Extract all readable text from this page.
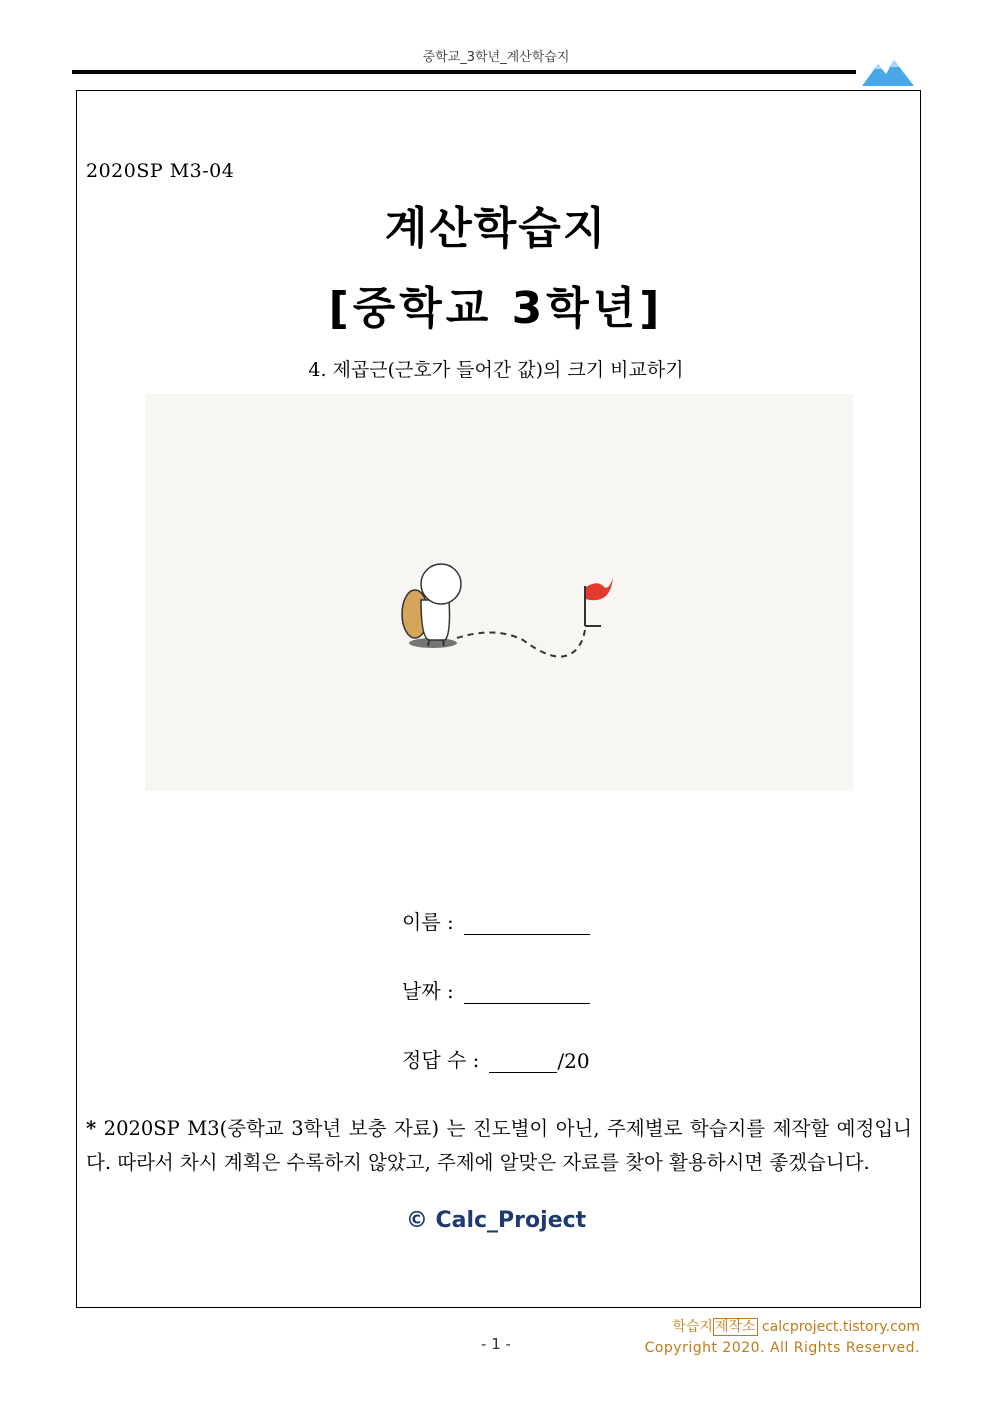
중학교_3학년_계산학습지
2020SP M3-04
계산학습지
[중학교 3학년]
4. 제곱근(근호가 들어간 값)의 크기 비교하기
이름 :
날짜 :
정답 수 :	/20
* 2020SP M3(중학교 3학년 보충 자료) 는 진도별이 아닌, 주제별로 학습지를 제작할 예정입니다. 따라서 차시 계획은 수록하지 않았고, 주제에 알맞은 자료를 찾아 활용하시면 좋겠습니다.
© Calc_Project
- 1 -
학습지 제작소 calcproject.tistory.com
Copyright 2020. All Rights Reserved.
